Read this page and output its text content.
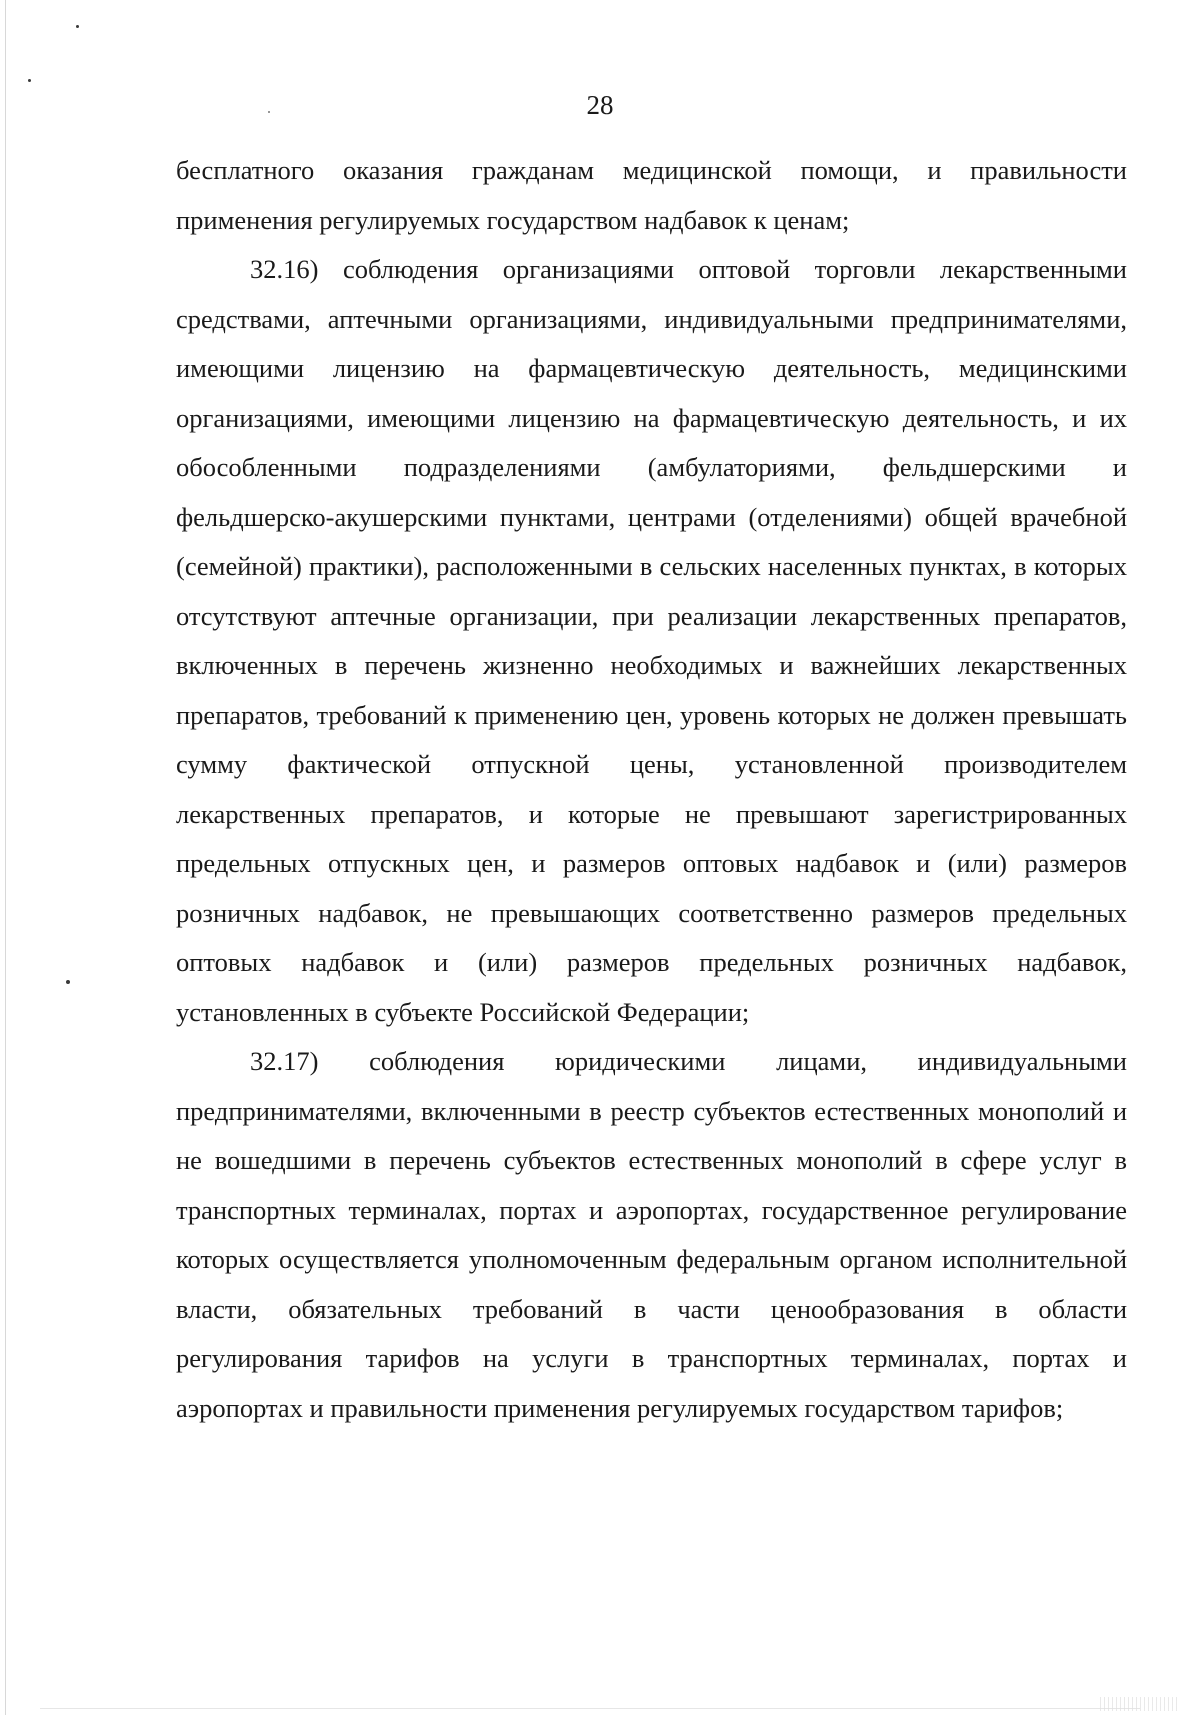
28

бесплатного оказания гражданам медицинской помощи, и правильности применения регулируемых государством надбавок к ценам;

32.16) соблюдения организациями оптовой торговли лекарственными средствами, аптечными организациями, индивидуальными предпринимателями, имеющими лицензию на фармацевтическую деятельность, медицинскими организациями, имеющими лицензию на фармацевтическую деятельность, и их обособленными подразделениями (амбулаториями, фельдшерскими и фельдшерско-акушерскими пунктами, центрами (отделениями) общей врачебной (семейной) практики), расположенными в сельских населенных пунктах, в которых отсутствуют аптечные организации, при реализации лекарственных препаратов, включенных в перечень жизненно необходимых и важнейших лекарственных препаратов, требований к применению цен, уровень которых не должен превышать сумму фактической отпускной цены, установленной производителем лекарственных препаратов, и которые не превышают зарегистрированных предельных отпускных цен, и размеров оптовых надбавок и (или) размеров розничных надбавок, не превышающих соответственно размеров предельных оптовых надбавок и (или) размеров предельных розничных надбавок, установленных в субъекте Российской Федерации;

32.17) соблюдения юридическими лицами, индивидуальными предпринимателями, включенными в реестр субъектов естественных монополий и не вошедшими в перечень субъектов естественных монополий в сфере услуг в транспортных терминалах, портах и аэропортах, государственное регулирование которых осуществляется уполномоченным федеральным органом исполнительной власти, обязательных требований в части ценообразования в области регулирования тарифов на услуги в транспортных терминалах, портах и аэропортах и правильности применения регулируемых государством тарифов;
